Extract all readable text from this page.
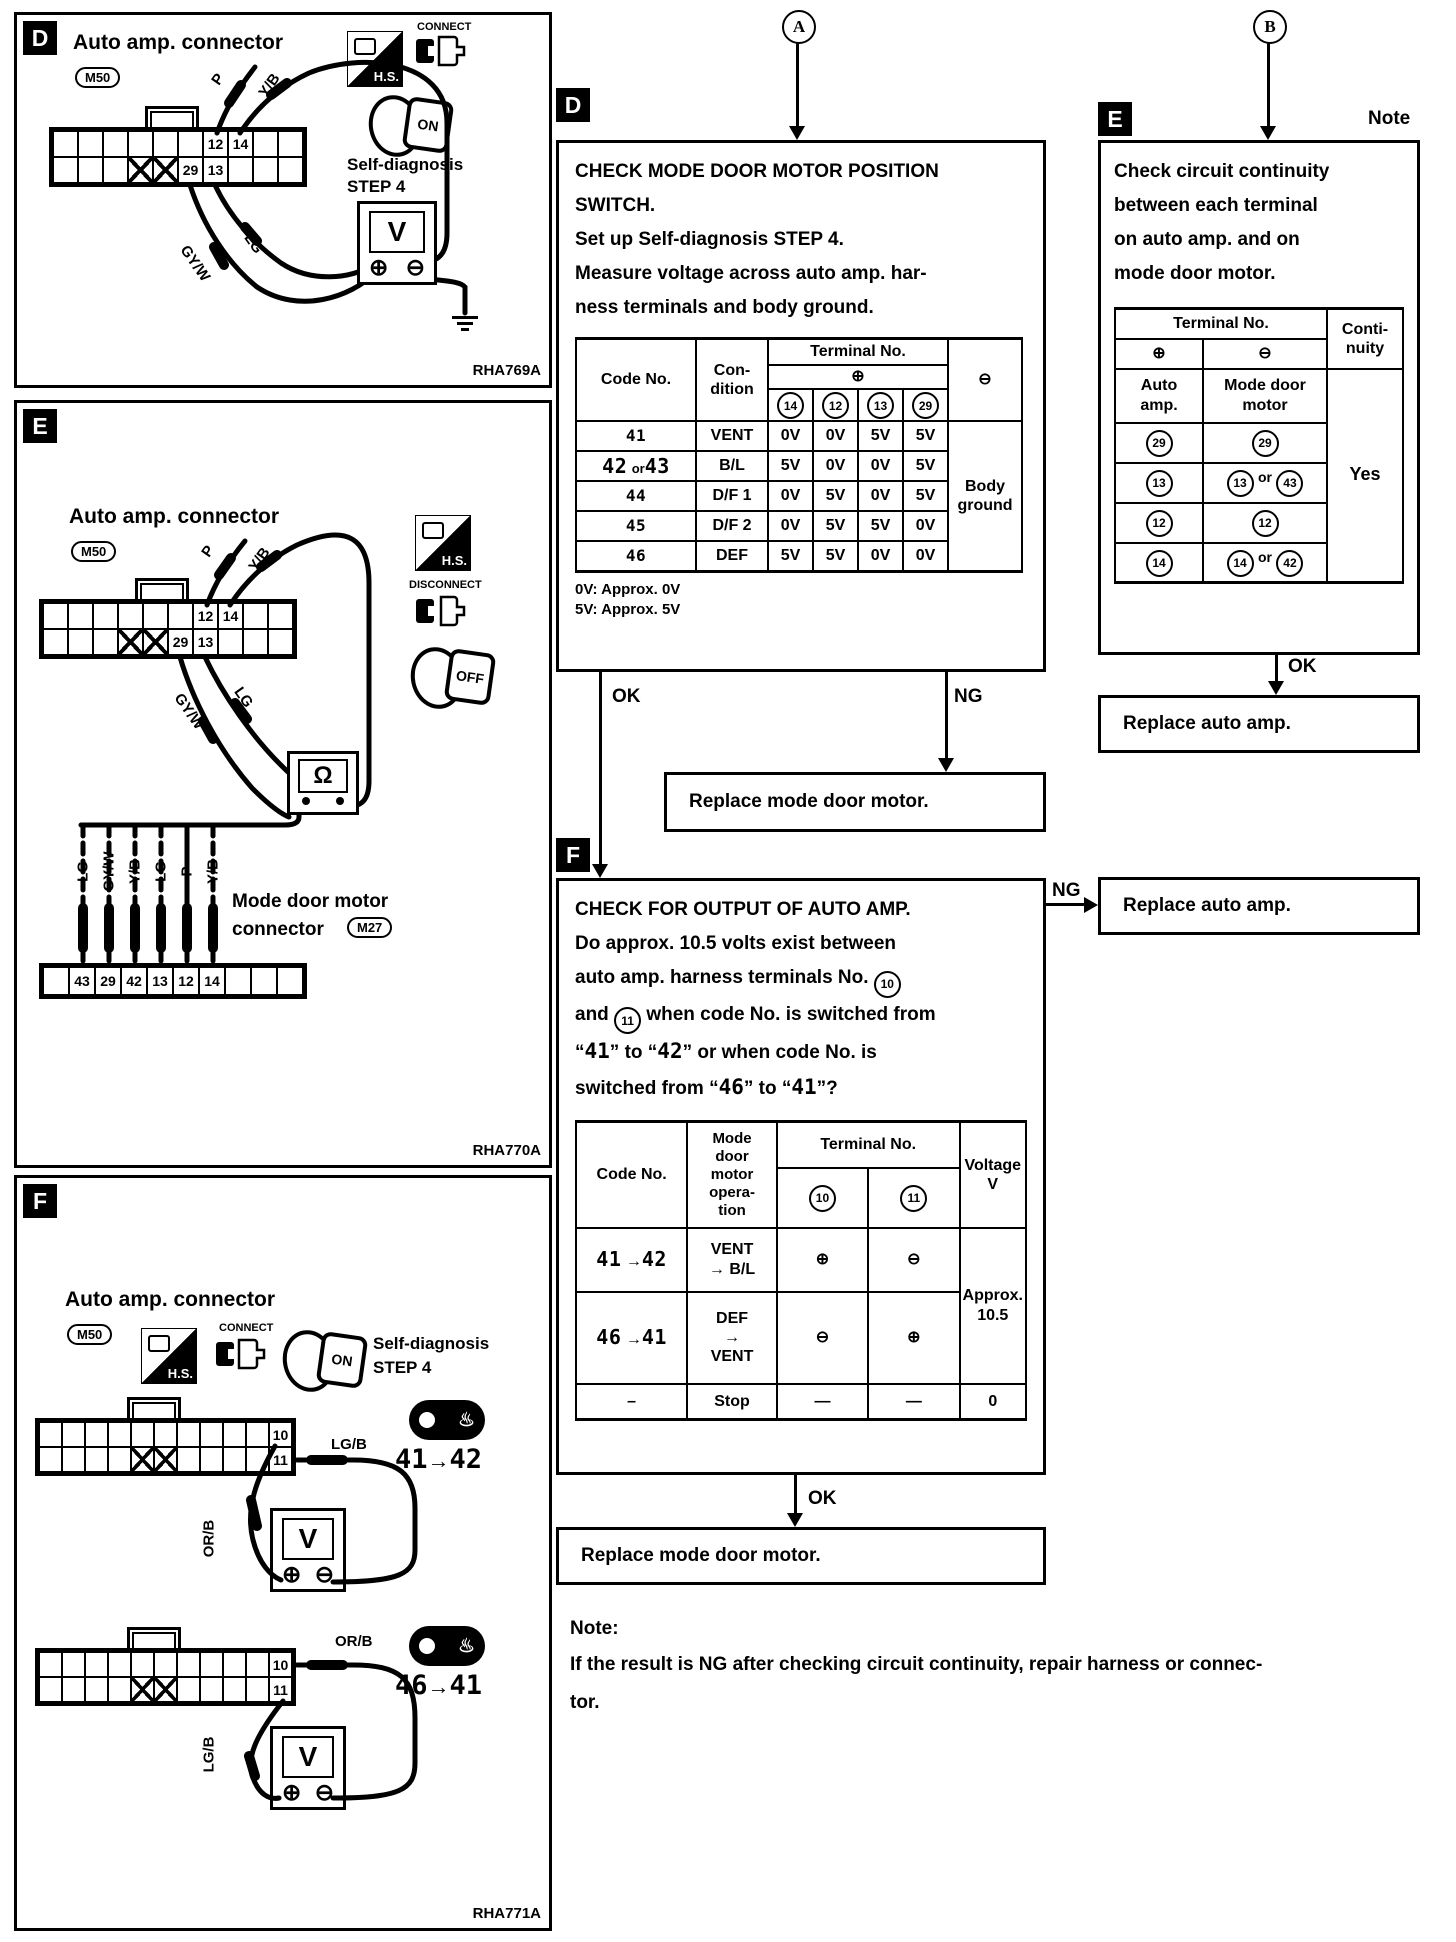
D	Auto amp. connector
M50	H.S.
CONNECT
ON
Self-diagnosis
STEP 4
12 14
29 13
P Y/B
LG
GY/W
V
⊕ ⊖
RHA769A
E
Auto amp. connector
M50
H.S.
DISCONNECT
OFF
12 14
29 13
P Y/B
LG
GY/W
Ω
LG GY/W Y/B LG P Y/B
Mode door motor
connector	M27
43 29 42 13 12 14
RHA770A
F
Auto amp. connector
M50
H.S.
CONNECT
ON
Self-diagnosis
STEP 4
10
11
♨
41→42
LG/B
OR/B	V
⊕ ⊖
10
11
♨
46→41
OR/B
LG/B	V
⊕ ⊖
RHA771A
A
D
CHECK MODE DOOR MOTOR POSITION
SWITCH.
Set up Self-diagnosis STEP 4.
Measure voltage across auto amp. har-
ness terminals and body ground.
Code No.	Con-
dition	Terminal No.				⊖
		⊕				
		14	12	13	29	
41	VENT	0V	0V	5V	5V	Body
ground
42 or43	B/L	5V	0V	0V	5V	
44	D/F 1	0V	5V	0V	5V	
45	D/F 2	0V	5V	5V	0V	
46	DEF	5V	5V	0V	0V	
0V: Approx. 0V
5V: Approx. 5V
OK	NG
Replace mode door motor.
F
CHECK FOR OUTPUT OF AUTO AMP.
Do approx. 10.5 volts exist between
auto amp. harness terminals No. 10
and 11 when code No. is switched from
“41” to “42” or when code No. is
switched from “46” to “41”?
Code No.	Mode
door
motor
opera-
tion	Terminal No.		Voltage
V
		10	11	
41 →42	VENT
→ B/L	⊕	⊖	Approx.
10.5
46 →41	DEF
→
VENT	⊖	⊕	
–	Stop	—	—	0
NG
OK
Replace mode door motor.
Note:
If the result is NG after checking circuit continuity, repair harness or connec-
tor.
B
E	Note
Check circuit continuity
between each terminal
on auto amp. and on
mode door motor.
Terminal No.		Conti-
nuity
⊕	⊖	
Auto
amp.	Mode door
motor	Yes
29	29	
13	13 or 43	
12	12	
14	14 or 42	
OK
Replace auto amp.
Replace auto amp.
